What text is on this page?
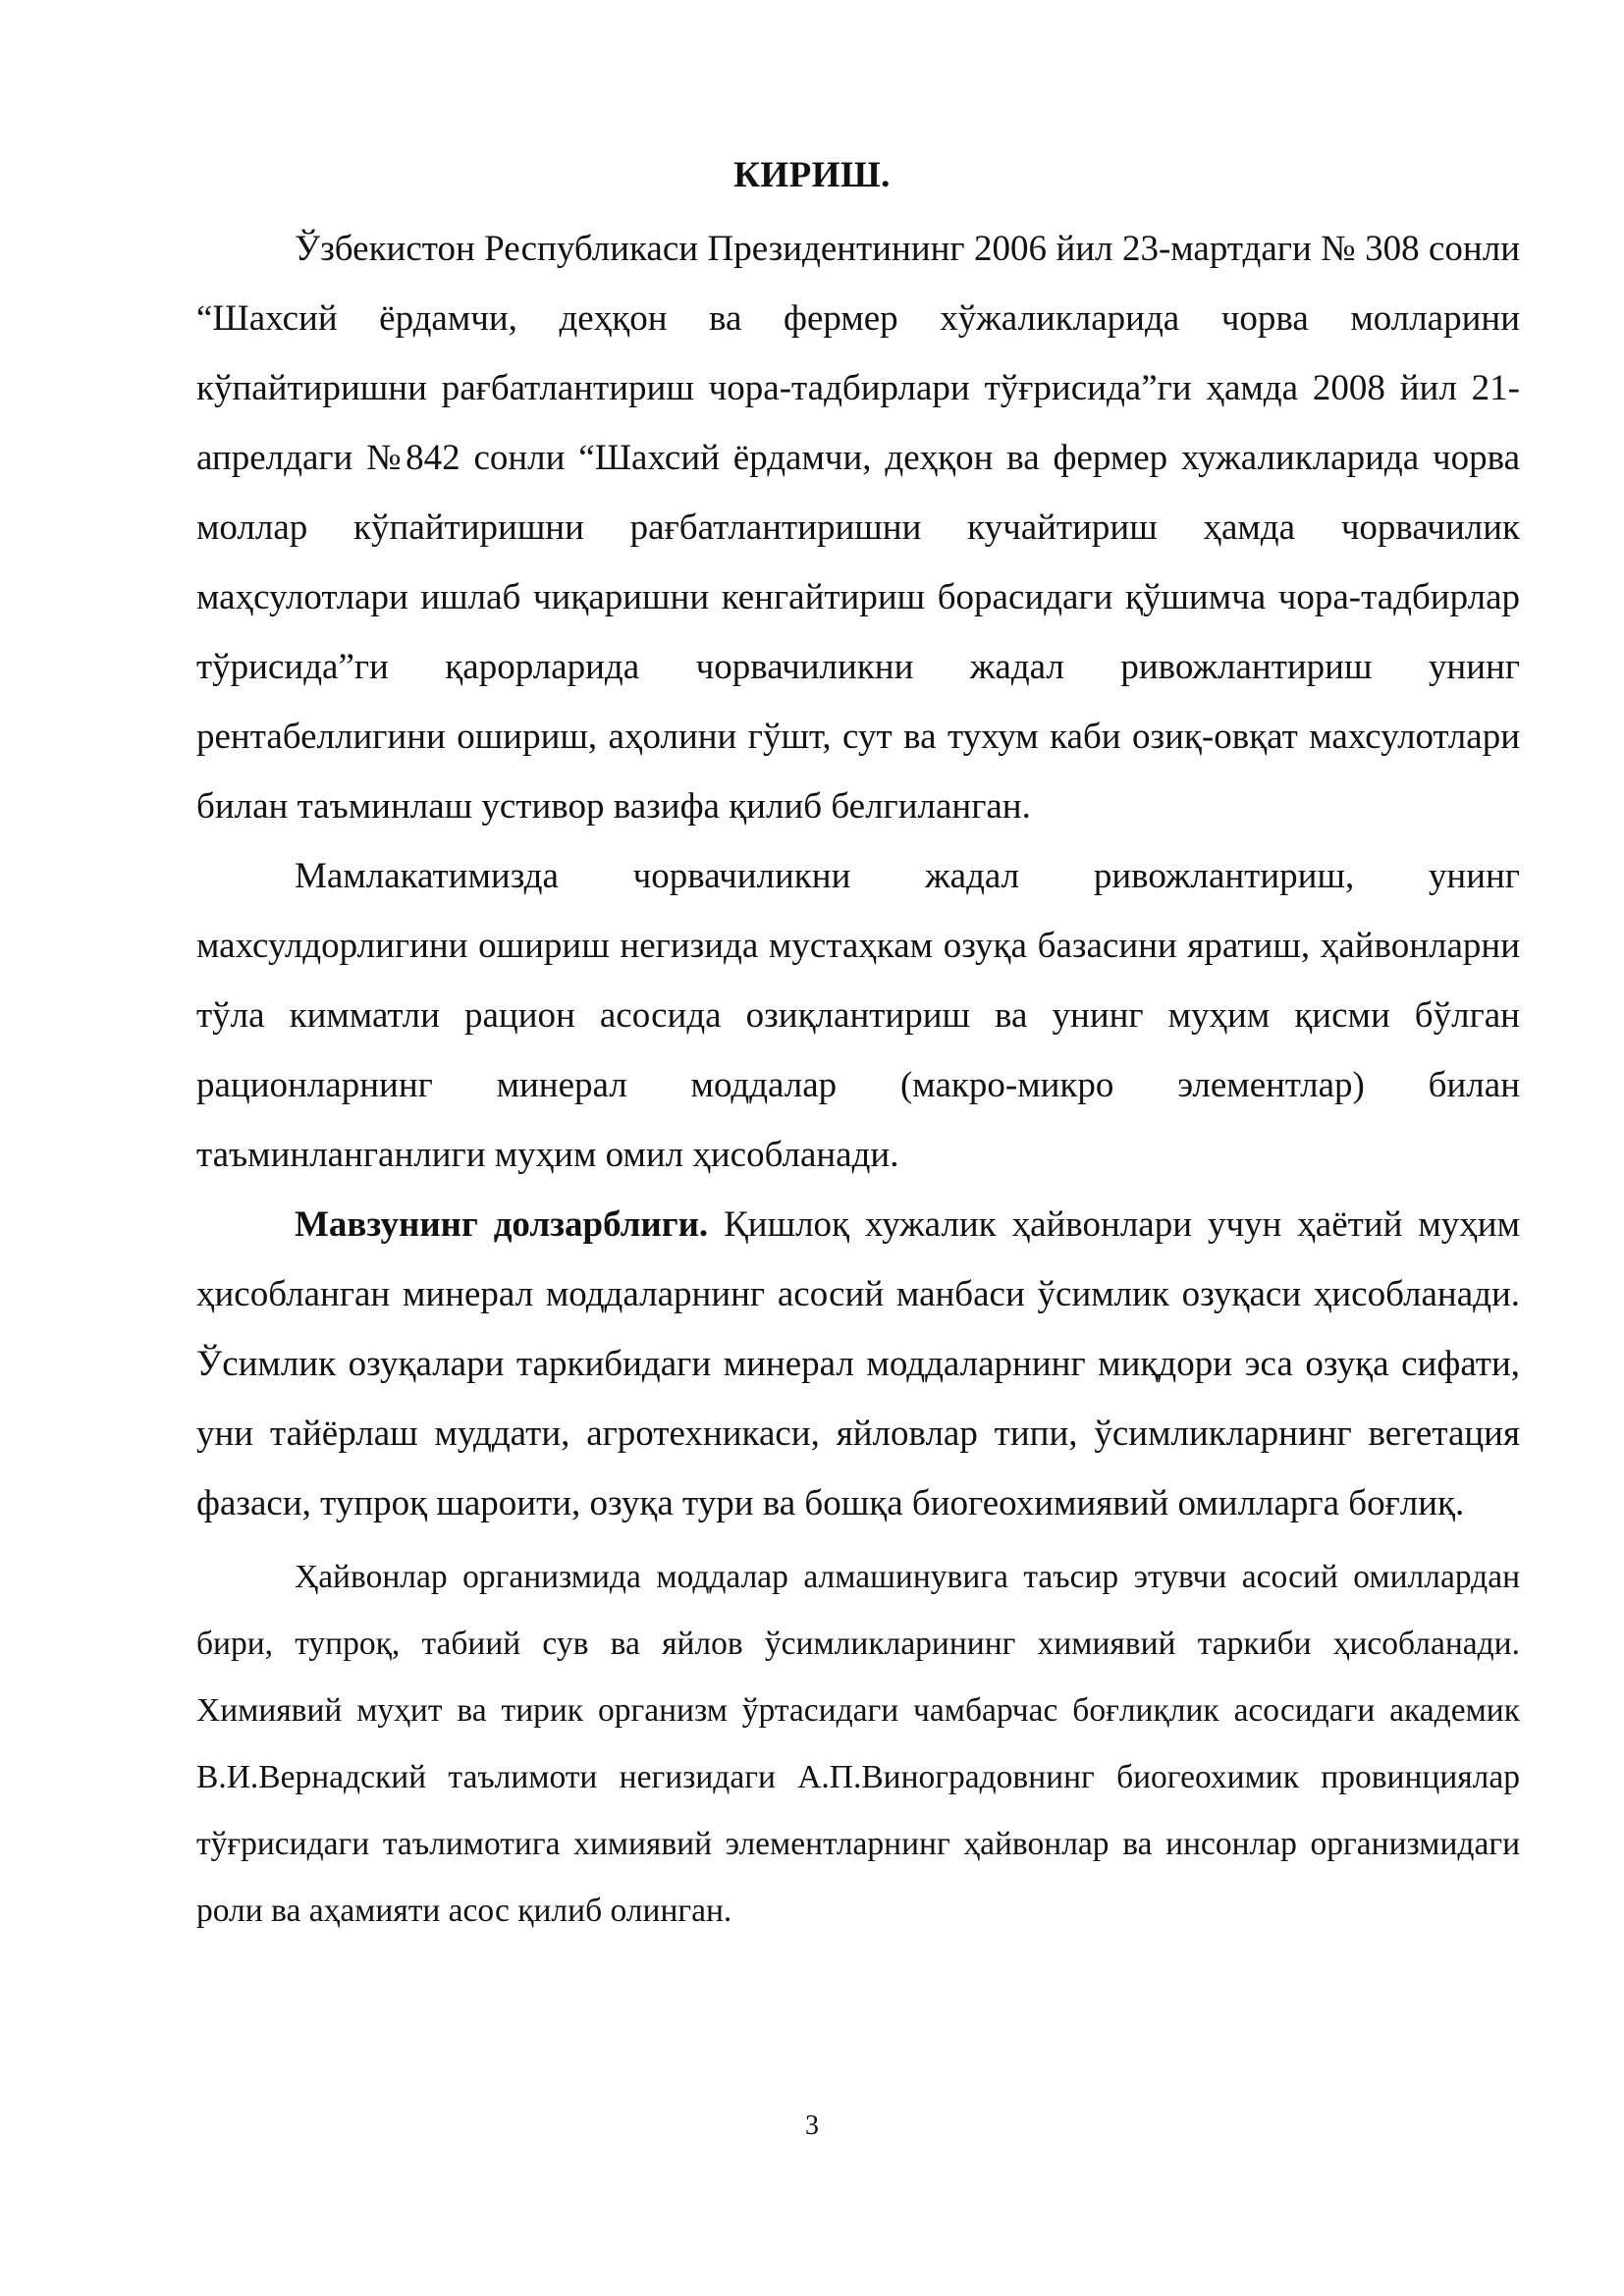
КИРИШ.

Ўзбекистон Республикаси Президентининг 2006 йил 23-мартдаги № 308 сонли “Шахсий ёрдамчи, деҳқон ва фермер хўжаликларида чорва молларини кўпайтиришни рағбатлантириш чора-тадбирлари тўғрисида”ги ҳамда 2008 йил 21-апрелдаги №842 сонли “Шахсий ёрдамчи, деҳқон ва фермер хужаликларида чорва моллар кўпайтиришни рағбатлантиришни кучайтириш ҳамда чорвачилик маҳсулотлари ишлаб чиқаришни кенгайтириш борасидаги қўшимча чора-тадбирлар тўрисида”ги қарорларида чорвачиликни жадал ривожлантириш унинг рентабеллигини ошириш, аҳолини гўшт, сут ва тухум каби озиқ-овқат махсулотлари билан таъминлаш устивор вазифа қилиб белгиланган.

Мамлакатимизда чорвачиликни жадал ривожлантириш, унинг махсулдорлигини ошириш негизида мустаҳкам озуқа базасини яратиш, ҳайвонларни тўла кимматли рацион асосида озиқлантириш ва унинг муҳим қисми бўлган рационларнинг минерал моддалар (макро-микро элементлар) билан таъминланганлиги муҳим омил ҳисобланади.

Мавзунинг долзарблиги. Қишлоқ хужалик ҳайвонлари учун ҳаётий муҳим ҳисобланган минерал моддаларнинг асосий манбаси ўсимлик озуқаси ҳисобланади. Ўсимлик озуқалари таркибидаги минерал моддаларнинг миқдори эса озуқа сифати, уни тайёрлаш муддати, агротехникаси, яйловлар типи, ўсимликларнинг вегетация фазаси, тупроқ шароити, озуқа тури ва бошқа биогеохимиявий омилларга боғлиқ.

Ҳайвонлар организмида моддалар алмашинувига таъсир этувчи асосий омиллардан бири, тупроқ, табиий сув ва яйлов ўсимликларининг химиявий таркиби ҳисобланади. Химиявий муҳит ва тирик организм ўртасидаги чамбарчас боғлиқлик асосидаги академик В.И.Вернадский таълимоти негизидаги А.П.Виноградовнинг биогеохимик провинциялар тўғрисидаги таълимотига химиявий элементларнинг ҳайвонлар ва инсонлар организмидаги роли ва аҳамияти асос қилиб олинган.

3
